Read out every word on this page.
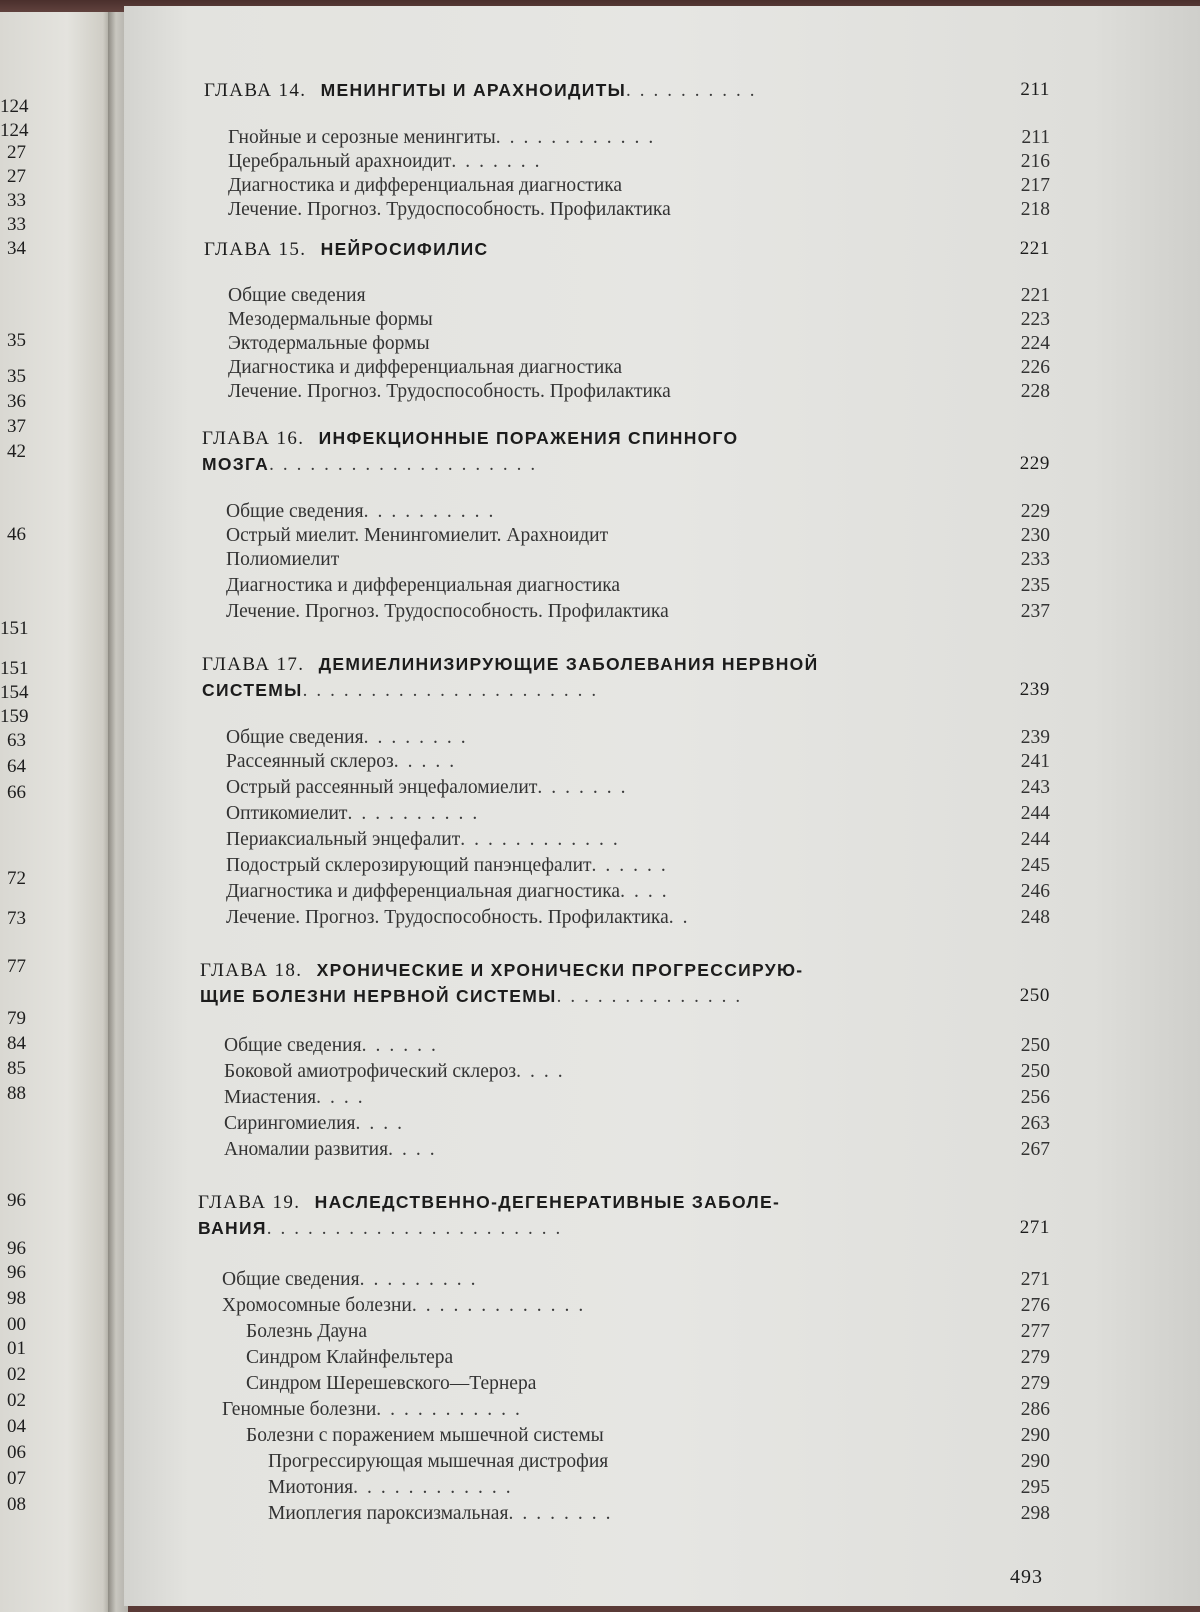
124
124
27
27
33
33
34
35
35
36
37
42
46
151
151
154
159
63
64
66
72
73
77
79
84
85
88
96
96
96
98
00
01
02
02
04
06
07
08
ГЛАВА 14. МЕНИНГИТЫ И АРАХНОИДИТЫ..........	211
Гнойные и серозные менингиты............	211
Церебральный арахноидит.......	216
Диагностика и дифференциальная диагностика	217
Лечение. Прогноз. Трудоспособность. Профилактика	218
ГЛАВА 15. НЕЙРОСИФИЛИС	221
Общие сведения	221
Мезодермальные формы	223
Эктодермальные формы	224
Диагностика и дифференциальная диагностика	226
Лечение. Прогноз. Трудоспособность. Профилактика	228
ГЛАВА 16. ИНФЕКЦИОННЫЕ ПОРАЖЕНИЯ СПИННОГО
МОЗГА....................	229
Общие сведения..........	229
Острый миелит. Менингомиелит. Арахноидит	230
Полиомиелит	233
Диагностика и дифференциальная диагностика	235
Лечение. Прогноз. Трудоспособность. Профилактика	237
ГЛАВА 17. ДЕМИЕЛИНИЗИРУЮЩИЕ ЗАБОЛЕВАНИЯ НЕРВНОЙ
СИСТЕМЫ......................	239
Общие сведения........	239
Рассеянный склероз.....	241
Острый рассеянный энцефаломиелит.......	243
Оптикомиелит..........	244
Периаксиальный энцефалит............	244
Подострый склерозирующий панэнцефалит......	245
Диагностика и дифференциальная диагностика....	246
Лечение. Прогноз. Трудоспособность. Профилактика..	248
ГЛАВА 18. ХРОНИЧЕСКИЕ И ХРОНИЧЕСКИ ПРОГРЕССИРУЮ-
ЩИЕ БОЛЕЗНИ НЕРВНОЙ СИСТЕМЫ..............	250
Общие сведения......	250
Боковой амиотрофический склероз....	250
Миастения....	256
Сирингомиелия....	263
Аномалии развития....	267
ГЛАВА 19. НАСЛЕДСТВЕННО-ДЕГЕНЕРАТИВНЫЕ ЗАБОЛЕ-
ВАНИЯ......................	271
Общие сведения.........	271
Хромосомные болезни.............	276
Болезнь Дауна	277
Синдром Клайнфельтера	279
Синдром Шерешевского—Тернера	279
Геномные болезни...........	286
Болезни с поражением мышечной системы	290
Прогрессирующая мышечная дистрофия	290
Миотония............	295
Миоплегия пароксизмальная........	298
493
